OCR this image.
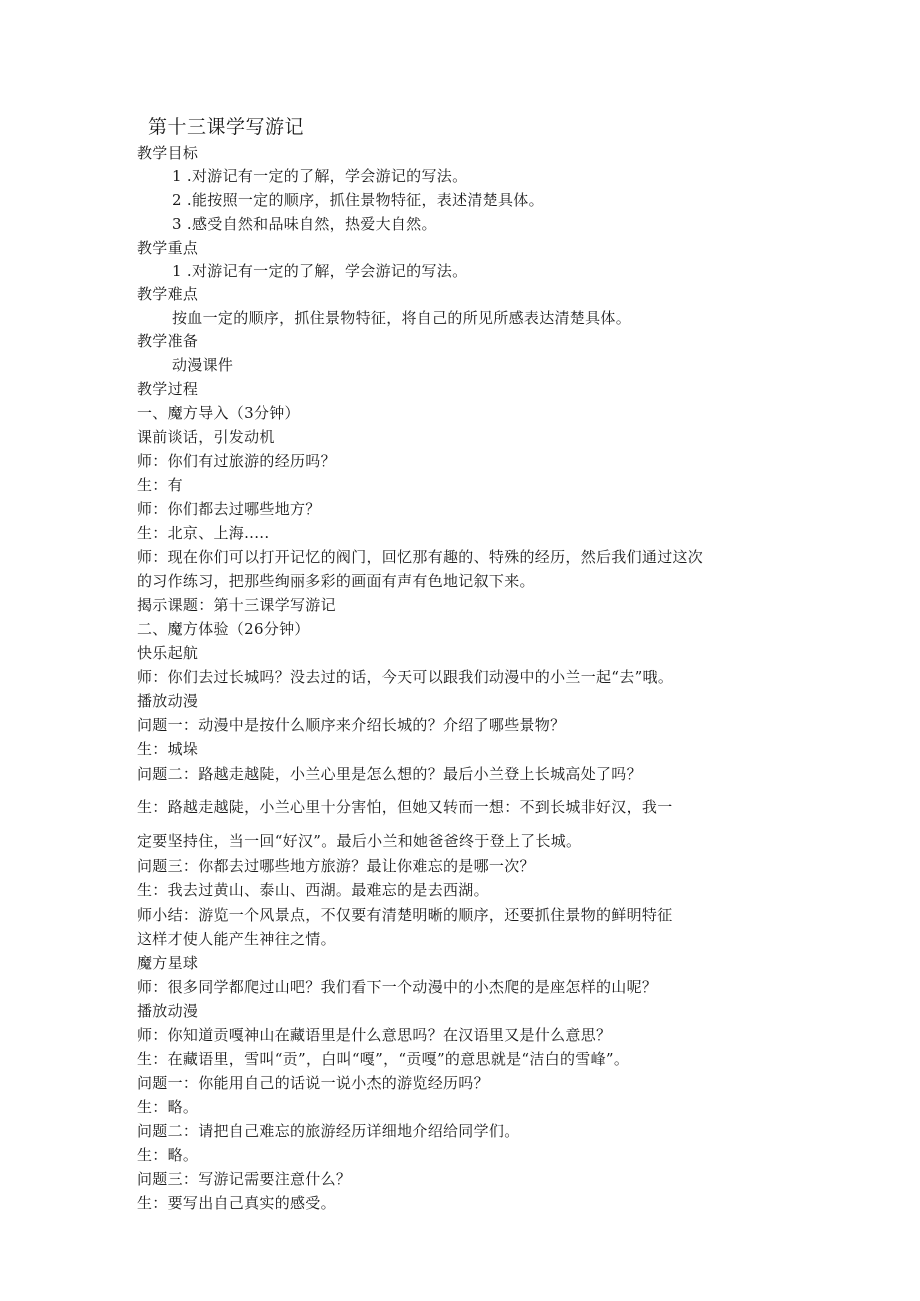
第十三课学写游记
教学目标
1 .对游记有一定的了解，学会游记的写法。
2 .能按照一定的顺序，抓住景物特征，表述清楚具体。
3 .感受自然和品味自然，热爱大自然。
教学重点
1 .对游记有一定的了解，学会游记的写法。
教学难点
按血一定的顺序，抓住景物特征，将自己的所见所感表达清楚具体。
教学准备
动漫课件
教学过程
一、魔方导入（3分钟）
课前谈话，引发动机
师：你们有过旅游的经历吗？
生：有
师：你们都去过哪些地方？
生：北京、上海.....
师：现在你们可以打开记忆的阀门，回忆那有趣的、特殊的经历，然后我们通过这次
的习作练习，把那些绚丽多彩的画面有声有色地记叙下来。
揭示课题：第十三课学写游记
二、魔方体验（26分钟）
快乐起航
师：你们去过长城吗？没去过的话，今天可以跟我们动漫中的小兰一起“去”哦。
播放动漫
问题一：动漫中是按什么顺序来介绍长城的？介绍了哪些景物？
生：城垛
问题二：路越走越陡，小兰心里是怎么想的？最后小兰登上长城高处了吗？
生：路越走越陡，小兰心里十分害怕，但她又转而一想：不到长城非好汉，我一
定要坚持住，当一回“好汉”。最后小兰和她爸爸终于登上了长城。
问题三：你都去过哪些地方旅游？最让你难忘的是哪一次？
生：我去过黄山、泰山、西湖。最难忘的是去西湖。
师小结：游览一个风景点，不仅要有清楚明晰的顺序，还要抓住景物的鲜明特征
这样才使人能产生神往之情。
魔方星球
师：很多同学都爬过山吧？我们看下一个动漫中的小杰爬的是座怎样的山呢？
播放动漫
师：你知道贡嘎神山在藏语里是什么意思吗？在汉语里又是什么意思？
生：在藏语里，雪叫“贡”，白叫“嘎”，“贡嘎”的意思就是“洁白的雪峰”。
问题一：你能用自己的话说一说小杰的游览经历吗？
生：略。
问题二：请把自己难忘的旅游经历详细地介绍给同学们。
生：略。
问题三：写游记需要注意什么？
生：要写出自己真实的感受。
